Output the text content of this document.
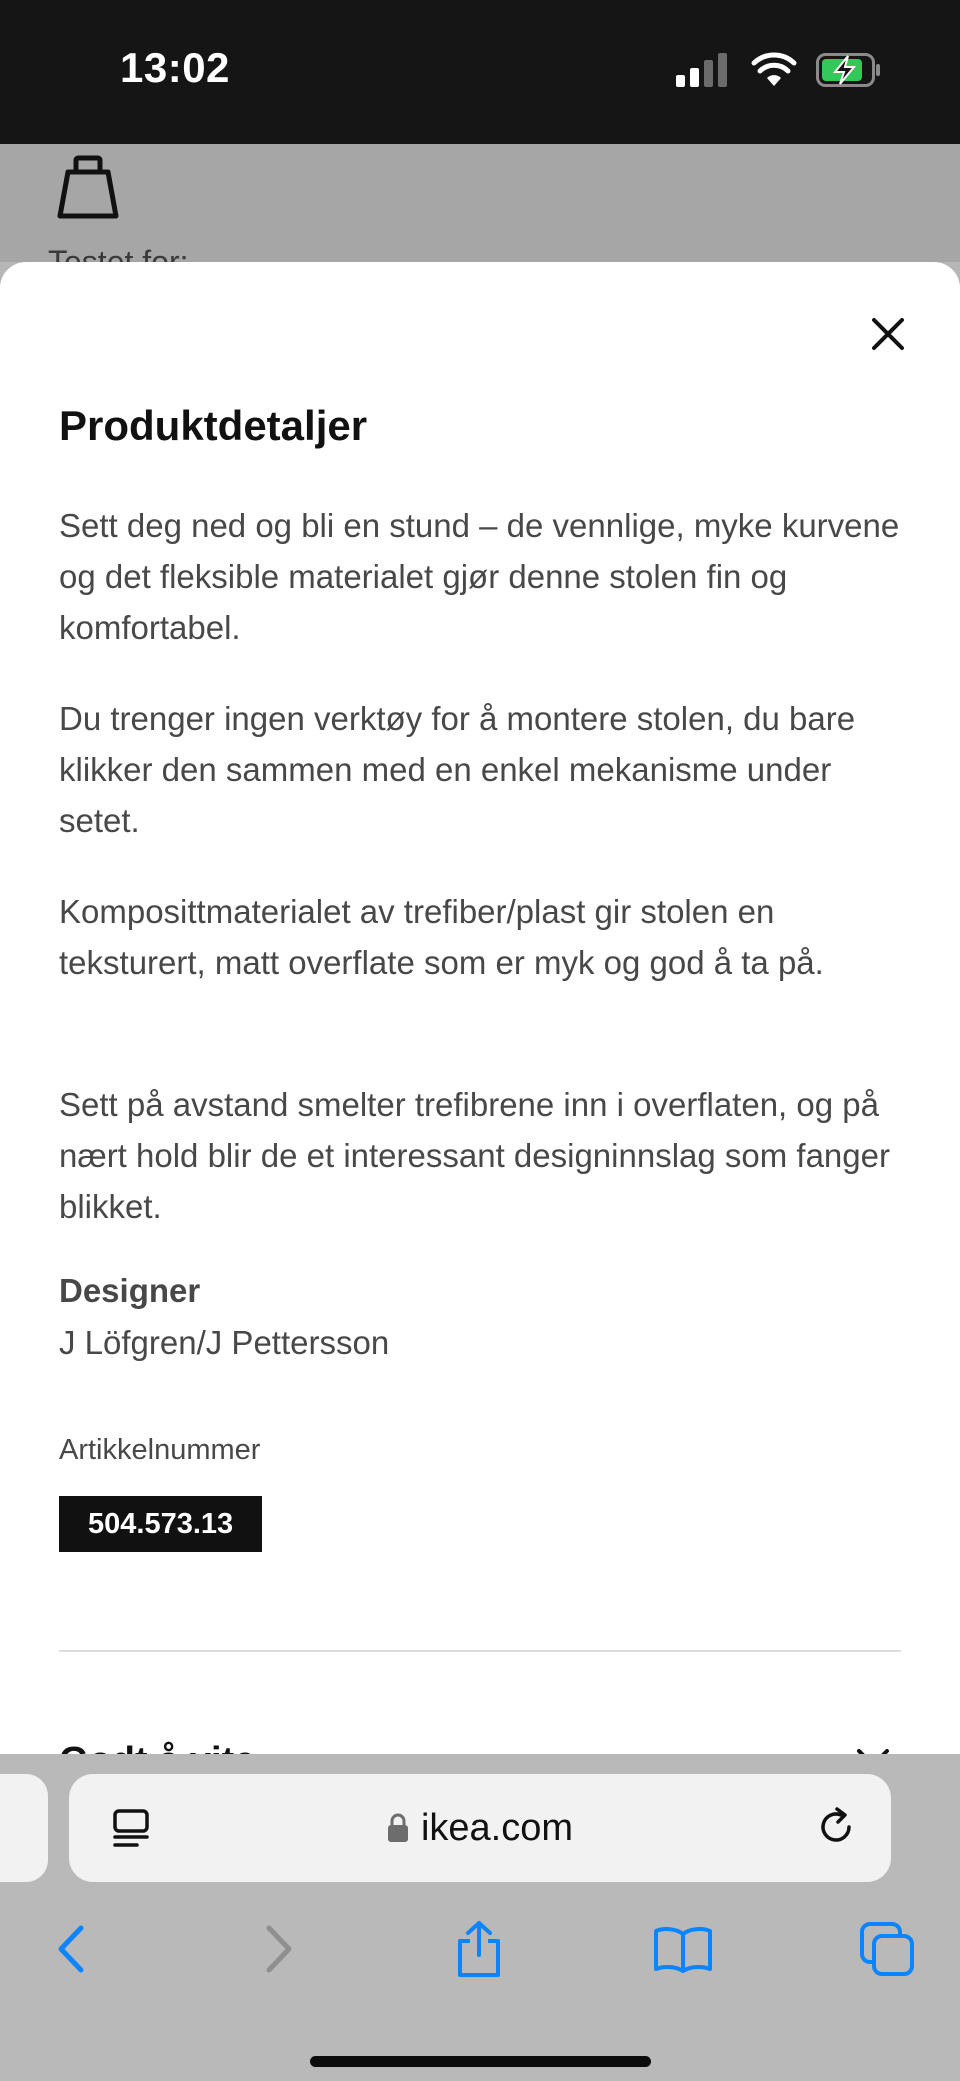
13:02
Produktdetaljer

Sett deg ned og bli en stund – de vennlige, myke kurvene og det fleksible materialet gjør denne stolen fin og komfortabel.

Du trenger ingen verktøy for å montere stolen, du bare klikker den sammen med en enkel mekanisme under setet.

Komposittmaterialet av trefiber/plast gir stolen en teksturert, matt overflate som er myk og god å ta på.

Sett på avstand smelter trefibrene inn i overflaten, og på nært hold blir de et interessant designinnslag som fanger blikket.

Designer
J Löfgren/J Pettersson
Artikkelnummer
504.573.13
ikea.com
